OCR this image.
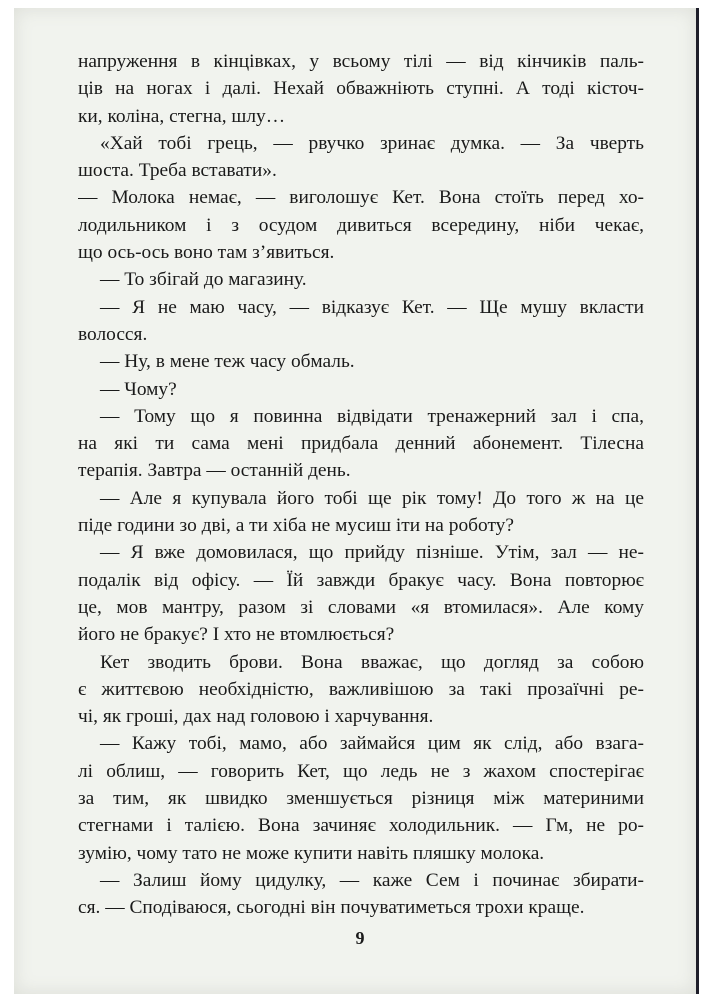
напруження в кінцівках, у всьому тілі — від кінчиків паль-
ців на ногах і далі. Нехай обважніють ступні. А тоді кісточ-
ки, коліна, стегна, шлу…
«Хай тобі грець, — рвучко зринає думка. — За чверть
шоста. Треба вставати».
— Молока немає, — виголошує Кет. Вона стоїть перед хо-
лодильником і з осудом дивиться всередину, ніби чекає,
що ось-ось воно там з’явиться.
— То збігай до магазину.
— Я не маю часу, — відказує Кет. — Ще мушу вкласти
волосся.
— Ну, в мене теж часу обмаль.
— Чому?
— Тому що я повинна відвідати тренажерний зал і спа,
на які ти сама мені придбала денний абонемент. Тілесна
терапія. Завтра — останній день.
— Але я купувала його тобі ще рік тому! До того ж на це
піде години зо дві, а ти хіба не мусиш іти на роботу?
— Я вже домовилася, що прийду пізніше. Утім, зал — не-
подалік від офісу. — Їй завжди бракує часу. Вона повторює
це, мов мантру, разом зі словами «я втомилася». Але кому
його не бракує? І хто не втомлюється?
Кет зводить брови. Вона вважає, що догляд за собою
є життєвою необхідністю, важливішою за такі прозаїчні ре-
чі, як гроші, дах над головою і харчування.
— Кажу тобі, мамо, або займайся цим як слід, або взага-
лі облиш, — говорить Кет, що ледь не з жахом спостерігає
за тим, як швидко зменшується різниця між материними
стегнами і талією. Вона зачиняє холодильник. — Гм, не ро-
зумію, чому тато не може купити навіть пляшку молока.
— Залиш йому цидулку, — каже Сем і починає збирати-
ся. — Сподіваюся, сьогодні він почуватиметься трохи краще.
9
